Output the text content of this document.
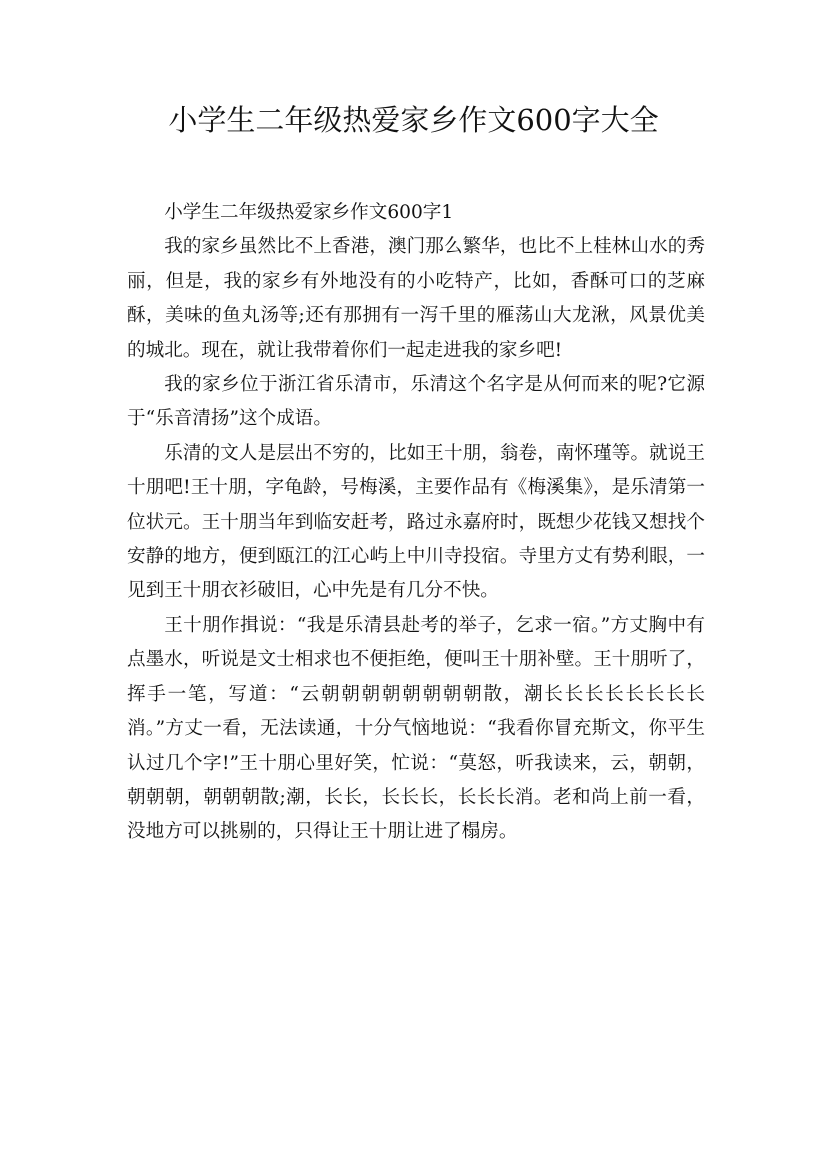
小学生二年级热爱家乡作文600字大全

小学生二年级热爱家乡作文600字1

我的家乡虽然比不上香港，澳门那么繁华，也比不上桂林山水的秀丽，但是，我的家乡有外地没有的小吃特产，比如，香酥可口的芝麻酥，美味的鱼丸汤等;还有那拥有一泻千里的雁荡山大龙湫，风景优美的城北。现在，就让我带着你们一起走进我的家乡吧!

我的家乡位于浙江省乐清市，乐清这个名字是从何而来的呢?它源于“乐音清扬”这个成语。

乐清的文人是层出不穷的，比如王十朋，翁卷，南怀瑾等。就说王十朋吧!王十朋，字龟龄，号梅溪，主要作品有《梅溪集》，是乐清第一位状元。王十朋当年到临安赶考，路过永嘉府时，既想少花钱又想找个安静的地方，便到瓯江的江心屿上中川寺投宿。寺里方丈有势利眼，一见到王十朋衣衫破旧，心中先是有几分不快。

王十朋作揖说：“我是乐清县赴考的举子，乞求一宿。”方丈胸中有点墨水，听说是文士相求也不便拒绝，便叫王十朋补壁。王十朋听了，挥手一笔，写道：“云朝朝朝朝朝朝朝朝散，潮长长长长长长长长消。”方丈一看，无法读通，十分气恼地说：“我看你冒充斯文，你平生认过几个字!”王十朋心里好笑，忙说：“莫怒，听我读来，云，朝朝，朝朝朝，朝朝朝散;潮，长长，长长长，长长长消。老和尚上前一看，没地方可以挑剔的，只得让王十朋让进了榻房。
